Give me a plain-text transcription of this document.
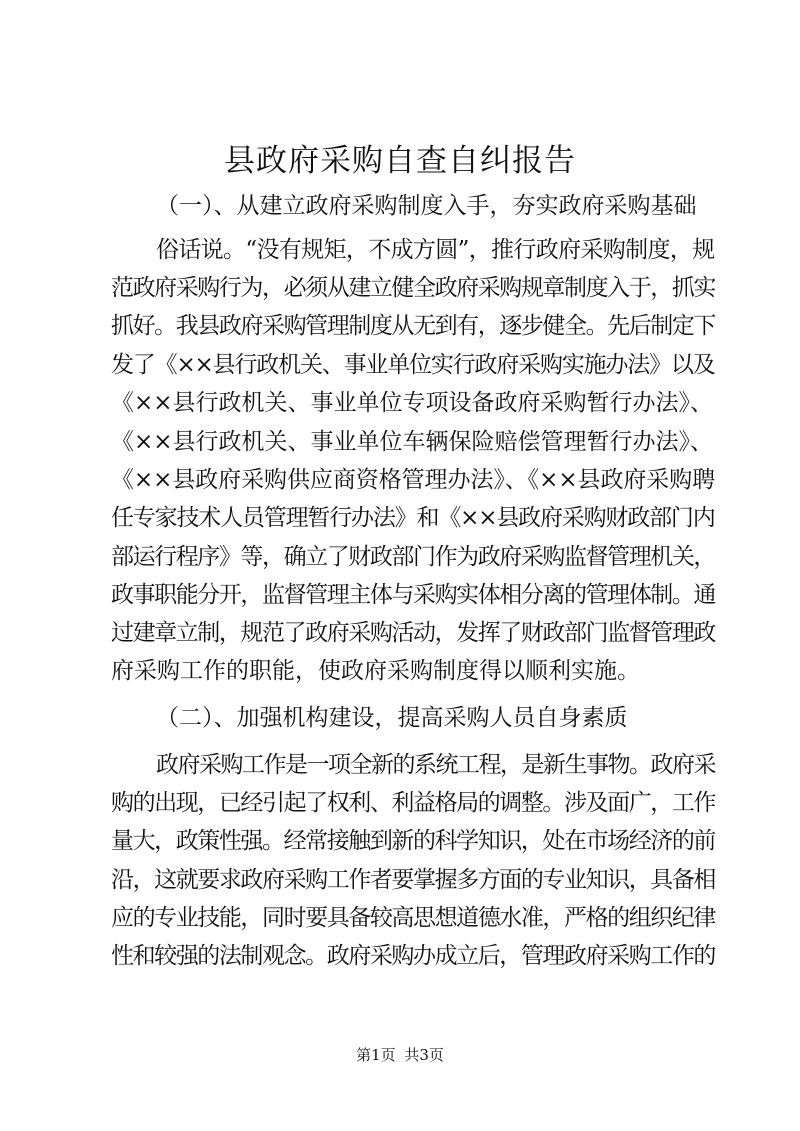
县政府采购自查自纠报告
（一）、从建立政府采购制度入手，夯实政府采购基础
俗话说。“没有规矩，不成方圆”，推行政府采购制度，规
范政府采购行为，必须从建立健全政府采购规章制度入于，抓实
抓好。我县政府采购管理制度从无到有，逐步健全。先后制定下
发了《××县行政机关、事业单位实行政府采购实施办法》以及
《××县行政机关、事业单位专项设备政府采购暂行办法》、
《××县行政机关、事业单位车辆保险赔偿管理暂行办法》、
《××县政府采购供应商资格管理办法》、《××县政府采购聘
任专家技术人员管理暂行办法》和《××县政府采购财政部门内
部运行程序》等，确立了财政部门作为政府采购监督管理机关，
政事职能分开，监督管理主体与采购实体相分离的管理体制。通
过建章立制，规范了政府采购活动，发挥了财政部门监督管理政
府采购工作的职能，使政府采购制度得以顺利实施。
（二）、加强机构建设，提高采购人员自身素质
政府采购工作是一项全新的系统工程，是新生事物。政府采
购的出现，已经引起了权利、利益格局的调整。涉及面广，工作
量大，政策性强。经常接触到新的科学知识，处在市场经济的前
沿，这就要求政府采购工作者要掌握多方面的专业知识，具备相
应的专业技能，同时要具备较高思想道德水准，严格的组织纪律
性和较强的法制观念。政府采购办成立后，管理政府采购工作的
第1页 共3页
